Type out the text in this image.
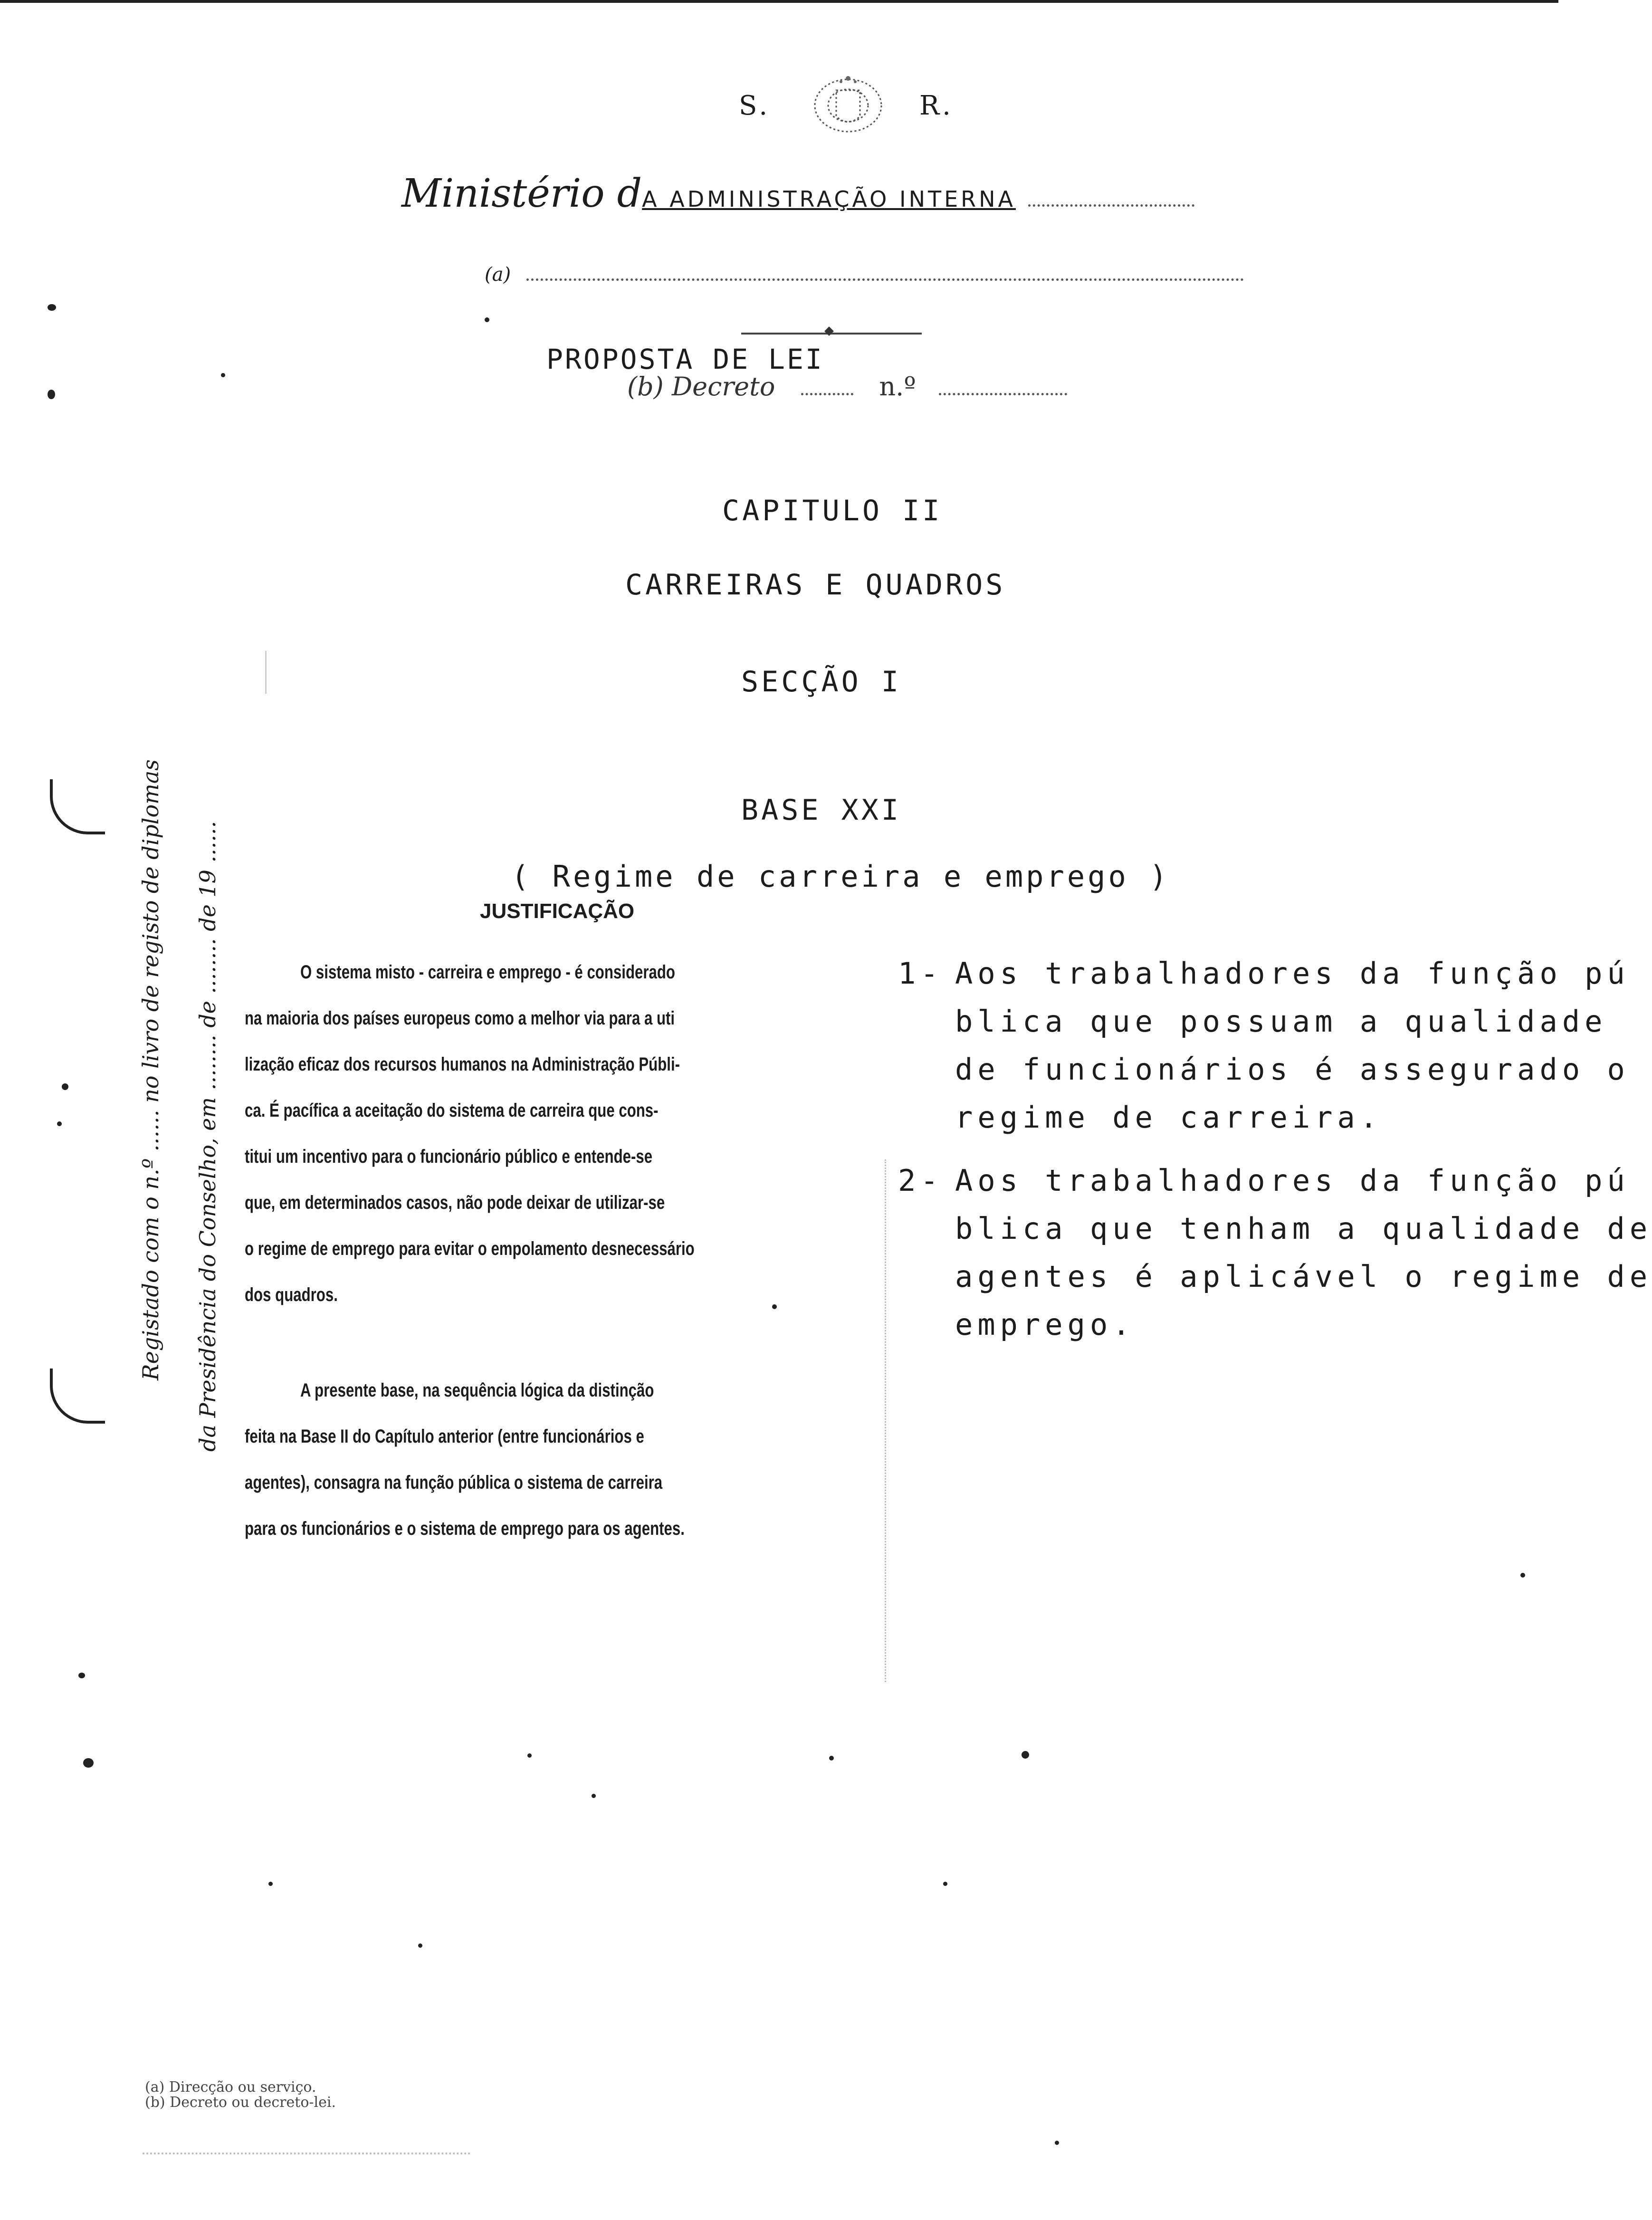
S.	R.
Ministério dA ADMINISTRAÇÃO INTERNA
(a)
PROPOSTA DE LEI
(b) Decreto	n.º
CAPITULO II
CARREIRAS E QUADROS
SECÇÃO I
BASE XXI
( Regime de carreira e emprego )
JUSTIFICAÇÃO
O sistema misto - carreira e emprego - é considerado
na maioria dos países europeus como a melhor via para a uti
lização eficaz dos recursos humanos na Administração Públi-
ca. É pacífica a aceitação do sistema de carreira que cons-
titui um incentivo para o funcionário público e entende-se
que, em determinados casos, não pode deixar de utilizar-se
o regime de emprego para evitar o empolamento desnecessário
dos quadros.
A presente base, na sequência lógica da distinção
feita na Base II do Capítulo anterior (entre funcionários e
agentes), consagra na função pública o sistema de carreira
para os funcionários e o sistema de emprego para os agentes.
1- Aos trabalhadores da função pú
blica que possuam a qualidade
de funcionários é assegurado o
regime de carreira.
2- Aos trabalhadores da função pú
blica que tenham a qualidade de
agentes é aplicável o regime de
emprego.
Registado com o n.º ...... no livro de registo de diplomas da Presidência do Conselho, em ........ de ........ de 19 ......
(a) Direcção ou serviço.
(b) Decreto ou decreto-lei.
